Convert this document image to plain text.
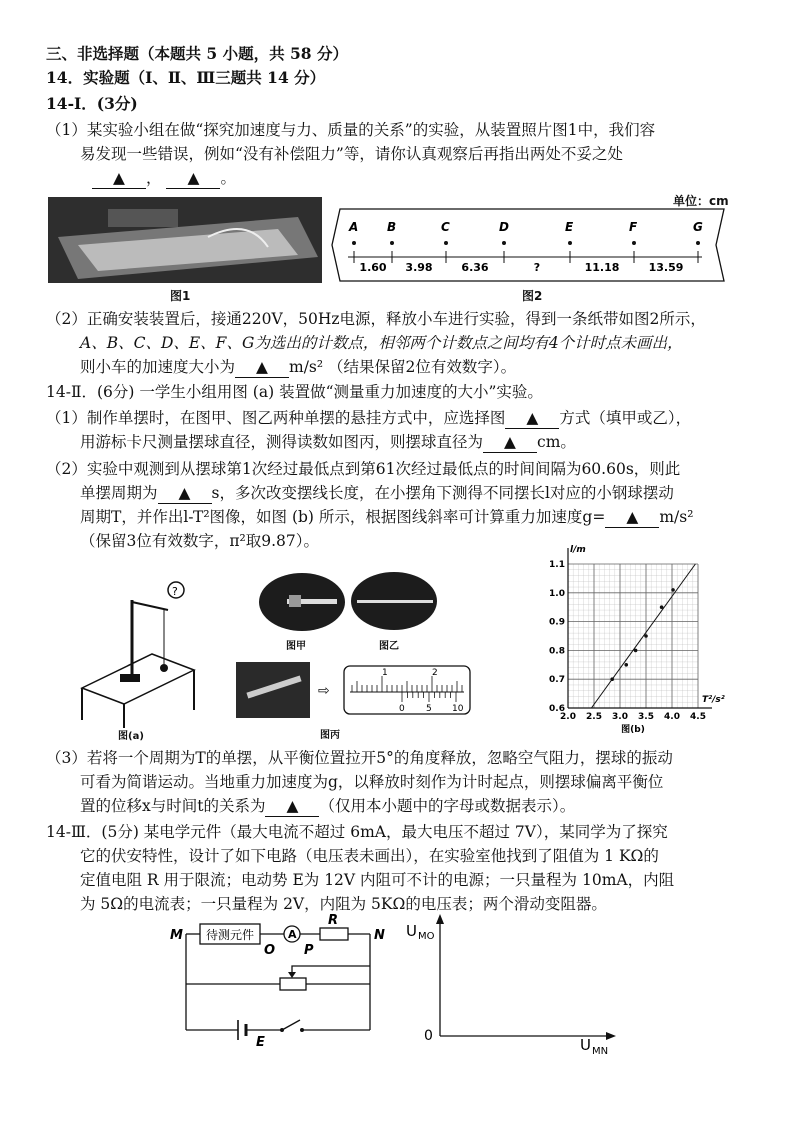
三、非选择题（本题共 5 小题，共 58 分）
14．实验题（Ⅰ、Ⅱ、Ⅲ三题共 14 分）
14-Ⅰ．(3分)
（1）某实验小组在做“探究加速度与力、质量的关系”的实验，从装置照片图1中，我们容
易发现一些错误，例如“没有补偿阻力”等，请你认真观察后再指出两处不妥之处
▲ ， ▲ 。
图1
单位：cm
A B	C	D	E	F	G
1.60 3.98	6.36	?	11.18	13.59
图2
（2）正确安装装置后，接通220V，50Hz电源，释放小车进行实验，得到一条纸带如图2所示，
A、B、C、D、E、F、G为选出的计数点，相邻两个计数点之间均有4个计时点未画出，
则小车的加速度大小为 ▲ m/s² （结果保留2位有效数字）。
14-Ⅱ．(6分) 一学生小组用图 (a) 装置做“测量重力加速度的大小”实验。
（1）制作单摆时，在图甲、图乙两种单摆的悬挂方式中，应选择图 ▲ 方式（填甲或乙），
用游标卡尺测量摆球直径，测得读数如图丙，则摆球直径为 ▲ cm。
（2）实验中观测到从摆球第1次经过最低点到第61次经过最低点的时间间隔为60.60s，则此
单摆周期为 ▲ s，多次改变摆线长度，在小摆角下测得不同摆长l对应的小钢球摆动
周期T，并作出l-T²图像，如图 (b) 所示，根据图线斜率可计算重力加速度g= ▲ m/s²
（保留3位有效数字，π²取9.87）。
?
图(a)
图甲	图乙
⇨
1	2
0 5 10
图丙
2.0 2.5 3.0 3.5 4.0 4.5
0.6
0.7
0.8
0.9
1.0
1.1
l/m
T²/s²
图(b)
（3）若将一个周期为T的单摆，从平衡位置拉开5°的角度释放，忽略空气阻力，摆球的振动
可看为简谐运动。当地重力加速度为g，以释放时刻作为计时起点，则摆球偏离平衡位
置的位移x与时间t的关系为 ▲ （仅用本小题中的字母或数据表示）。
14-Ⅲ．(5分) 某电学元件（最大电流不超过 6mA，最大电压不超过 7V），某同学为了探究
它的伏安特性，设计了如下电路（电压表未画出），在实验室他找到了阻值为 1 KΩ的
定值电阻 R 用于限流；电动势 E为 12V 内阻可不计的电源；一只量程为 10mA，内阻
为 5Ω的电流表；一只量程为 2V，内阻为 5KΩ的电压表；两个滑动变阻器。
待测元件
M
O
A
P
R
N
E
U MO
0	U MN
